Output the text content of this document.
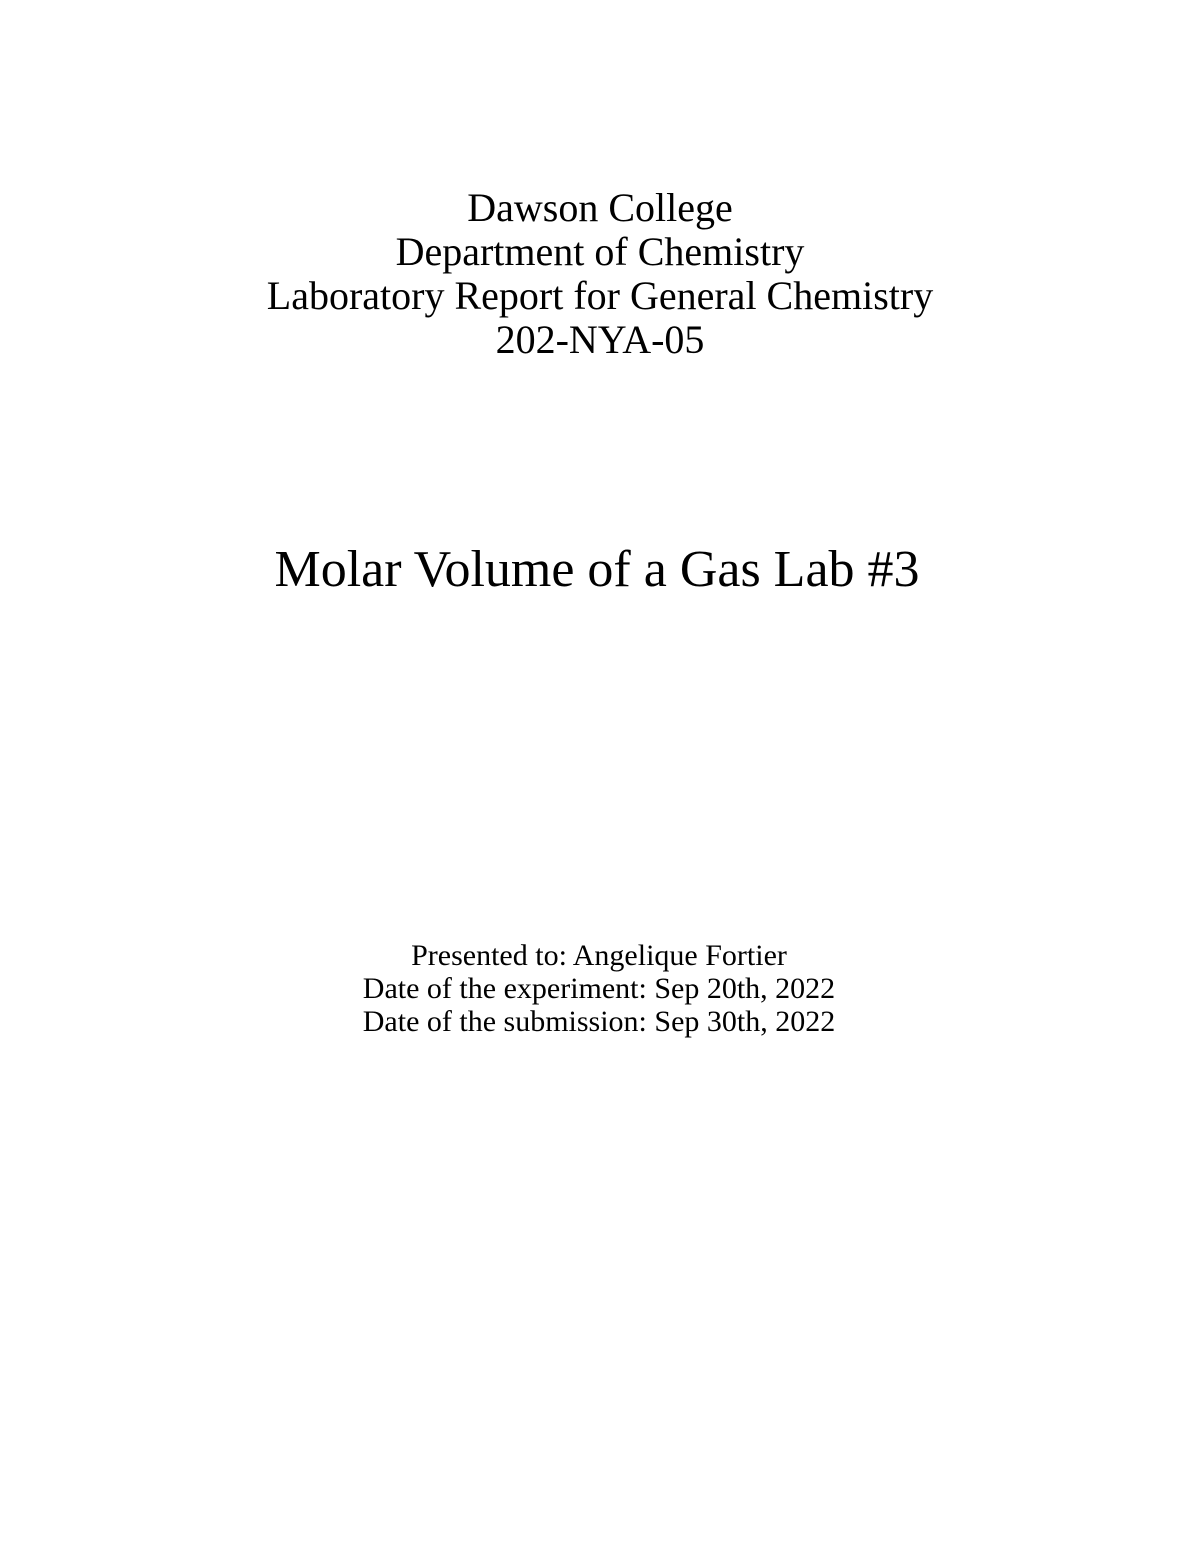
Dawson College
Department of Chemistry
Laboratory Report for General Chemistry
202-NYA-05
Molar Volume of a Gas Lab #3
Presented to: Angelique Fortier
Date of the experiment: Sep 20th, 2022
Date of the submission: Sep 30th, 2022
